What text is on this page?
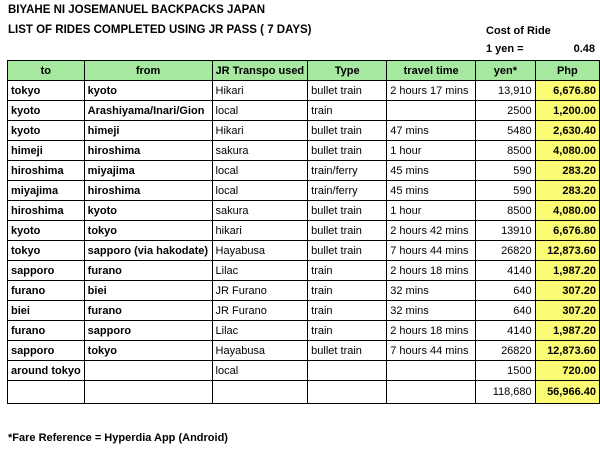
BIYAHE NI JOSEMANUEL BACKPACKS JAPAN
LIST OF RIDES COMPLETED USING JR PASS ( 7 DAYS)	Cost of Ride
1 yen =	0.48
to	from	JR Transpo used	Type	travel time	yen*	Php
tokyo	kyoto	Hikari	bullet train	2 hours 17 mins	13,910	6,676.80
kyoto	Arashiyama/Inari/Gion	local	train		2500	1,200.00
kyoto	himeji	Hikari	bullet train	47 mins	5480	2,630.40
himeji	hiroshima	sakura	bullet train	1 hour	8500	4,080.00
hiroshima	miyajima	local	train/ferry	45 mins	590	283.20
miyajima	hiroshima	local	train/ferry	45 mins	590	283.20
hiroshima	kyoto	sakura	bullet train	1 hour	8500	4,080.00
kyoto	tokyo	hikari	bullet train	2 hours 42 mins	13910	6,676.80
tokyo	sapporo (via hakodate)	Hayabusa	bullet train	7 hours 44 mins	26820	12,873.60
sapporo	furano	Lilac	train	2 hours 18 mins	4140	1,987.20
furano	biei	JR Furano	train	32 mins	640	307.20
biei	furano	JR Furano	train	32 mins	640	307.20
furano	sapporo	Lilac	train	2 hours 18 mins	4140	1,987.20
sapporo	tokyo	Hayabusa	bullet train	7 hours 44 mins	26820	12,873.60
around tokyo		local			1500	720.00
					118,680	56,966.40
*Fare Reference = Hyperdia App (Android)
